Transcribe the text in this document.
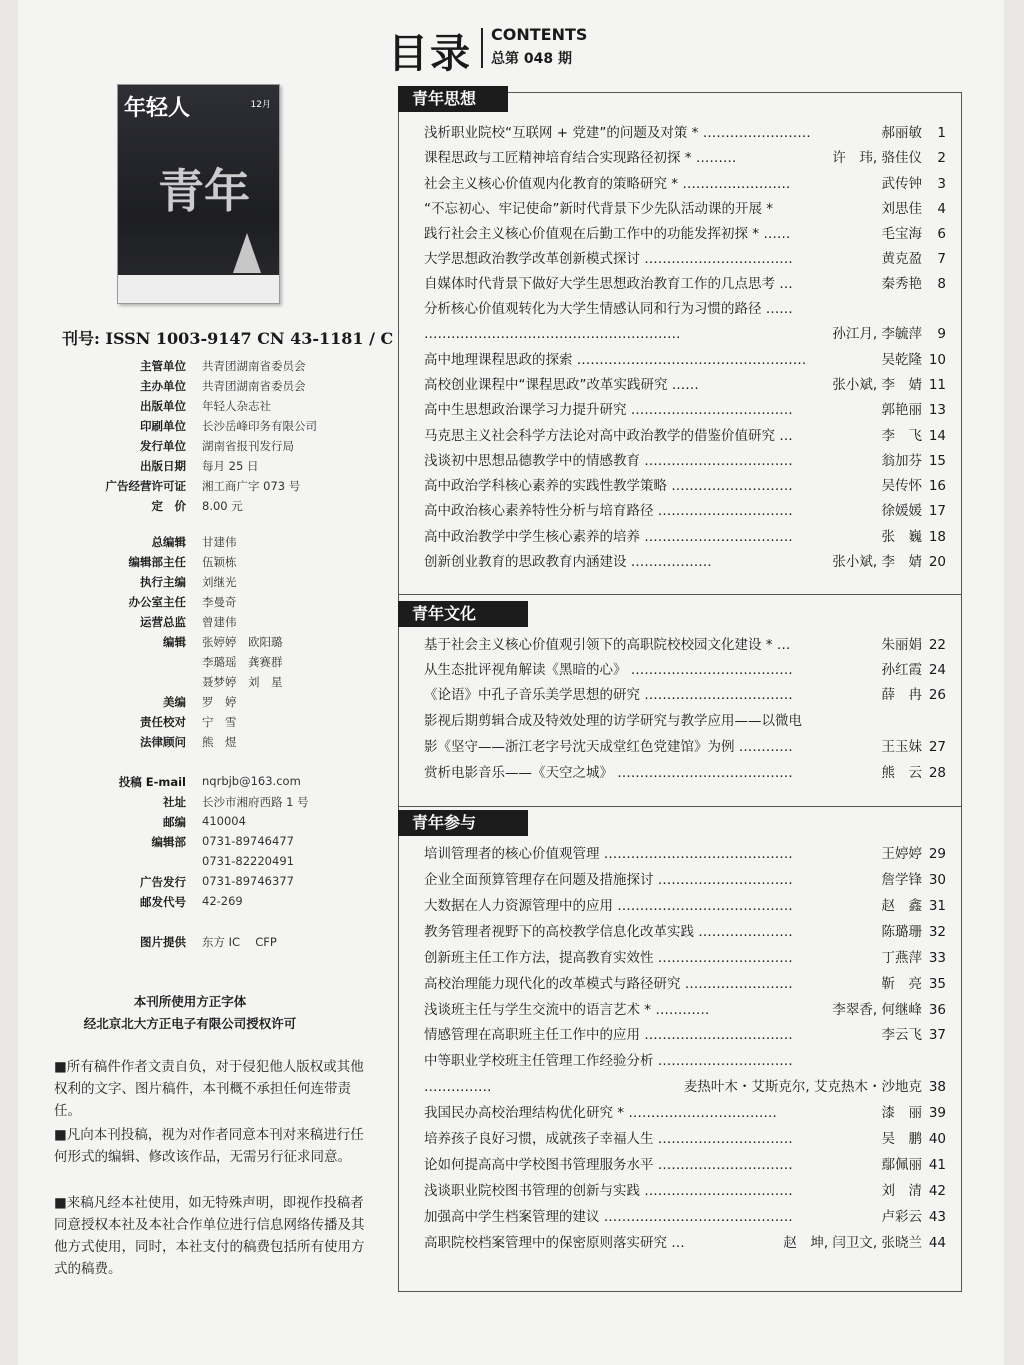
目录 CONTENTS
总第 048 期
年轻人	12月
青年
刊号: ISSN 1003-9147 CN 43-1181 / C
主管单位 共青团湖南省委员会
主办单位 共青团湖南省委员会
出版单位 年轻人杂志社
印刷单位 长沙岳峰印务有限公司
发行单位 湖南省报刊发行局
出版日期 每月 25 日
广告经营许可证 湘工商广字 073 号
定　价 8.00 元
总编辑 甘建伟
编辑部主任 伍颖栋
执行主编 刘继光
办公室主任 李曼奇
运营总监 曾建伟
编辑 张婷婷　欧阳璐
李璐瑶　龚赛群
聂梦婷　刘　星
美编 罗　婷
责任校对 宁　雪
法律顾问 熊　煜
投稿 E-mail nqrbjb@163.com
社址 长沙市湘府西路 1 号
邮编 410004
编辑部 0731-89746477
0731-82220491
广告发行 0731-89746377
邮发代号 42-269
图片提供 东方 IC　 CFP
本刊所使用方正字体
经北京北大方正电子有限公司授权许可
■所有稿件作者文责自负，对于侵犯他人版权或其他权利的文字、图片稿件，本刊概不承担任何连带责任。
■凡向本刊投稿，视为对作者同意本刊对来稿进行任何形式的编辑、修改该作品，无需另行征求同意。
■来稿凡经本社使用，如无特殊声明，即视作投稿者同意授权本社及本社合作单位进行信息网络传播及其他方式使用，同时，本社支付的稿费包括所有使用方式的稿费。
青年思想
浅析职业院校“互联网 + 党建”的问题及对策 * ……………………	郝丽敏 1
课程思政与工匠精神培育结合实现路径初探 * ………	许　玮, 骆佳仪 2
社会主义核心价值观内化教育的策略研究 * ……………………	武传钟 3
“不忘初心、牢记使命”新时代背景下少先队活动课的开展 *	刘思佳 4
践行社会主义核心价值观在后勤工作中的功能发挥初探 * ……	毛宝海 6
大学思想政治教学改革创新模式探讨 ……………………………	黄克盈 7
自媒体时代背景下做好大学生思想政治教育工作的几点思考 …	秦秀艳 8
分析核心价值观转化为大学生情感认同和行为习惯的路径 ……
…………………………………………………	孙江月, 李毓萍 9
高中地理课程思政的探索 ……………………………………………	吴乾隆 10
高校创业课程中“课程思政”改革实践研究 ……	张小斌, 李　婧 11
高中生思想政治课学习力提升研究 ………………………………	郭艳丽 13
马克思主义社会科学方法论对高中政治教学的借鉴价值研究 …	李　飞 14
浅谈初中思想品德教学中的情感教育 ……………………………	翁加芬 15
高中政治学科核心素养的实践性教学策略 ………………………	吴传怀 16
高中政治核心素养特性分析与培育路径 …………………………	徐媛媛 17
高中政治教学中学生核心素养的培养 ……………………………	张　巍 18
创新创业教育的思政教育内涵建设 ………………	张小斌, 李　婧 20
青年文化
基于社会主义核心价值观引领下的高职院校校园文化建设 * …	朱丽娟 22
从生态批评视角解读《黑暗的心》 ………………………………	孙红霞 24
《论语》中孔子音乐美学思想的研究 ……………………………	薛　冉 26
影视后期剪辑合成及特效处理的访学研究与教学应用——以微电
影《坚守——浙江老字号沈天成堂红色党建馆》为例 …………	王玉妹 27
赏析电影音乐——《天空之城》 …………………………………	熊　云 28
青年参与
培训管理者的核心价值观管理 ……………………………………	王婷婷 29
企业全面预算管理存在问题及措施探讨 …………………………	詹学锋 30
大数据在人力资源管理中的应用 …………………………………	赵　鑫 31
教务管理者视野下的高校教学信息化改革实践 …………………	陈璐珊 32
创新班主任工作方法，提高教育实效性 …………………………	丁燕萍 33
高校治理能力现代化的改革模式与路径研究 ……………………	靳　亮 35
浅谈班主任与学生交流中的语言艺术 * …………	李翠香, 何继峰 36
情感管理在高职班主任工作中的应用 ……………………………	李云飞 37
中等职业学校班主任管理工作经验分析 …………………………
……………	麦热叶木・艾斯克尔, 艾克热木・沙地克 38
我国民办高校治理结构优化研究 * ……………………………	漆　丽 39
培养孩子良好习惯，成就孩子幸福人生 …………………………	吴　鹏 40
论如何提高高中学校图书管理服务水平 …………………………	鄢佩丽 41
浅谈职业院校图书管理的创新与实践 ……………………………	刘　清 42
加强高中学生档案管理的建议 ……………………………………	卢彩云 43
高职院校档案管理中的保密原则落实研究 …	赵　坤, 闫卫文, 张晓兰 44
